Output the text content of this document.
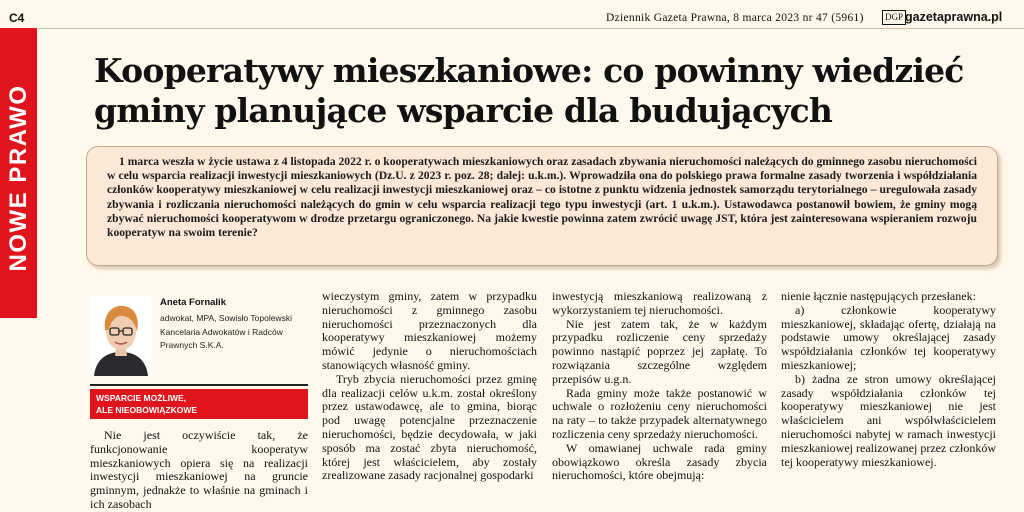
C4	Dziennik Gazeta Prawna, 8 marca 2023 nr 47 (5961)	DGP gazetaprawna.pl
NOWE PRAWO
Kooperatywy mieszkaniowe: co powinny wiedzieć gminy planujące wsparcie dla budujących

1 marca weszła w życie ustawa z 4 listopada 2022 r. o kooperatywach mieszkaniowych oraz zasadach zbywania nieruchomości należących do gminnego zasobu nieruchomości w celu wsparcia realizacji inwestycji mieszkaniowych (Dz.U. z 2023 r. poz. 28; dalej: u.k.m.). Wprowadziła ona do polskiego prawa formalne zasady tworzenia i współdziałania członków kooperatywy mieszkaniowej w celu realizacji inwestycji mieszkaniowej oraz – co istotne z punktu widzenia jednostek samorządu terytorialnego – uregulowała zasady zbywania i rozliczania nieruchomości należących do gmin w celu wsparcia realizacji tego typu inwestycji (art. 1 u.k.m.). Ustawodawca postanowił bowiem, że gminy mogą zbywać nieruchomości kooperatywom w drodze przetargu ograniczonego. Na jakie kwestie powinna zatem zwrócić uwagę JST, która jest zainteresowana wspieraniem rozwoju kooperatyw na swoim terenie?

Aneta Fornalik
adwokat, MPA, Sowisło Topolewski Kancelaria Adwokatów i Radców Prawnych S.K.A.
WSPARCIE MOŻLIWE,
ALE NIEOBOWIĄZKOWE

Nie jest oczywiście tak, że funkcjonowanie kooperatyw mieszkaniowych opiera się na realizacji inwestycji mieszkaniowej na gruncie gminnym, jednakże to właśnie na gminach i ich zasobach

wieczystym gminy, zatem w przypadku nieruchomości z gminnego zasobu nieruchomości przeznaczonych dla kooperatywy mieszkaniowej możemy mówić jedynie o nieruchomościach stanowiących własność gminy.

Tryb zbycia nieruchomości przez gminę dla realizacji celów u.k.m. został określony przez ustawodawcę, ale to gmina, biorąc pod uwagę potencjalne przeznaczenie nieruchomości, będzie decydowała, w jaki sposób ma zostać zbyta nieruchomość, której jest właścicielem, aby zostały zrealizowane zasady racjonalnej gospodarki

inwestycją mieszkaniową realizowaną z wykorzystaniem tej nieruchomości.

Nie jest zatem tak, że w każdym przypadku rozliczenie ceny sprzedaży powinno nastąpić poprzez jej zapłatę. To rozwiązania szczególne względem przepisów u.g.n.

Rada gminy może także postanowić w uchwale o rozłożeniu ceny nieruchomości na raty – to także przypadek alternatywnego rozliczenia ceny sprzedaży nieruchomości.

W omawianej uchwale rada gminy obowiązkowo określa zasady zbycia nieruchomości, które obejmują:

nienie łącznie następujących przesłanek:

a) członkowie kooperatywy mieszkaniowej, składając ofertę, działają na podstawie umowy określającej zasady współdziałania członków tej kooperatywy mieszkaniowej;

b) żadna ze stron umowy określającej zasady współdziałania członków tej kooperatywy mieszkaniowej nie jest właścicielem ani współwłaścicielem nieruchomości nabytej w ramach inwestycji mieszkaniowej realizowanej przez członków tej kooperatywy mieszkaniowej.
